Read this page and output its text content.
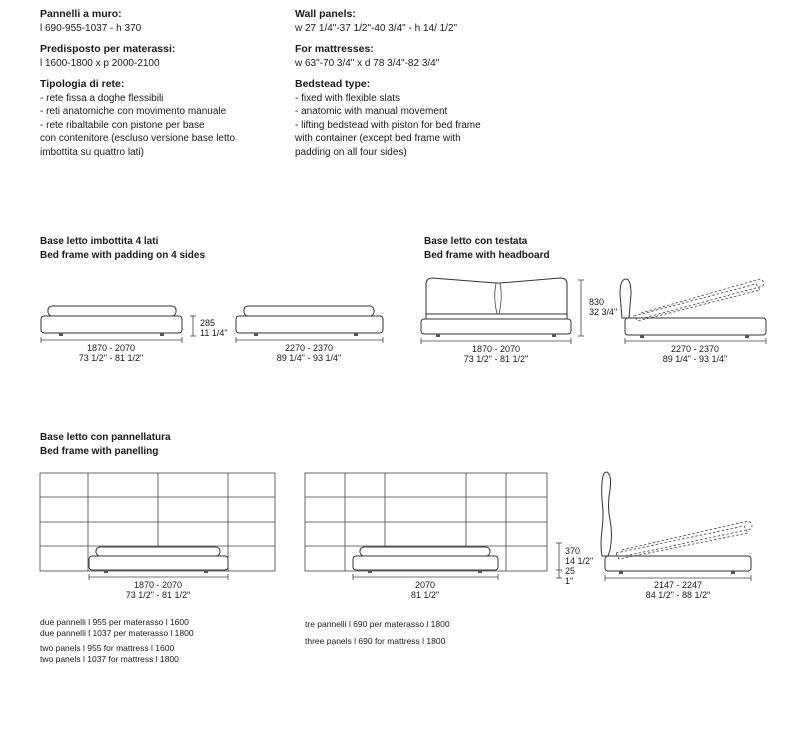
Pannelli a muro:
l 690-955-1037 - h 370
Predisposto per materassi:
l 1600-1800 x p 2000-2100
Tipologia di rete:
- rete fissa a doghe flessibili
- reti anatomiche con movimento manuale
- rete ribaltabile con pistone per base
con contenitore (escluso versione base letto
imbottita su quattro lati)
Wall panels:
w 27 1/4"-37 1/2"-40 3/4" - h 14/ 1/2"
For mattresses:
w 63"-70 3/4" x d 78 3/4"-82 3/4"
Bedstead type:
- fixed with flexible slats
- anatomic with manual movement
- lifting bedstead with piston for bed frame
with container (except bed frame with
padding on all four sides)
Base letto imbottita 4 lati
Bed frame with padding on 4 sides
1870 - 2070
73 1/2" - 81 1/2"
285
11 1/4"
2270 - 2370
89 1/4" - 93 1/4"
Base letto con testata
Bed frame with headboard
830
32 3/4"
1870 - 2070
73 1/2" - 81 1/2"
2270 - 2370
89 1/4" - 93 1/4"
Base letto con pannellatura
Bed frame with panelling
1870 - 2070
73 1/2" - 81 1/2"
2070
81 1/2"
370
14 1/2"
25
1"	2147 - 2247
84 1/2" - 88 1/2"
due pannelli l 955 per materasso l 1600
due pannelli l 1037 per materasso l 1800
two panels l 955 for mattress l 1600
two panels l 1037 for mattress l 1800
tre pannelli l 690 per materasso l 1800
three panels l 690 for mattress l 1800
